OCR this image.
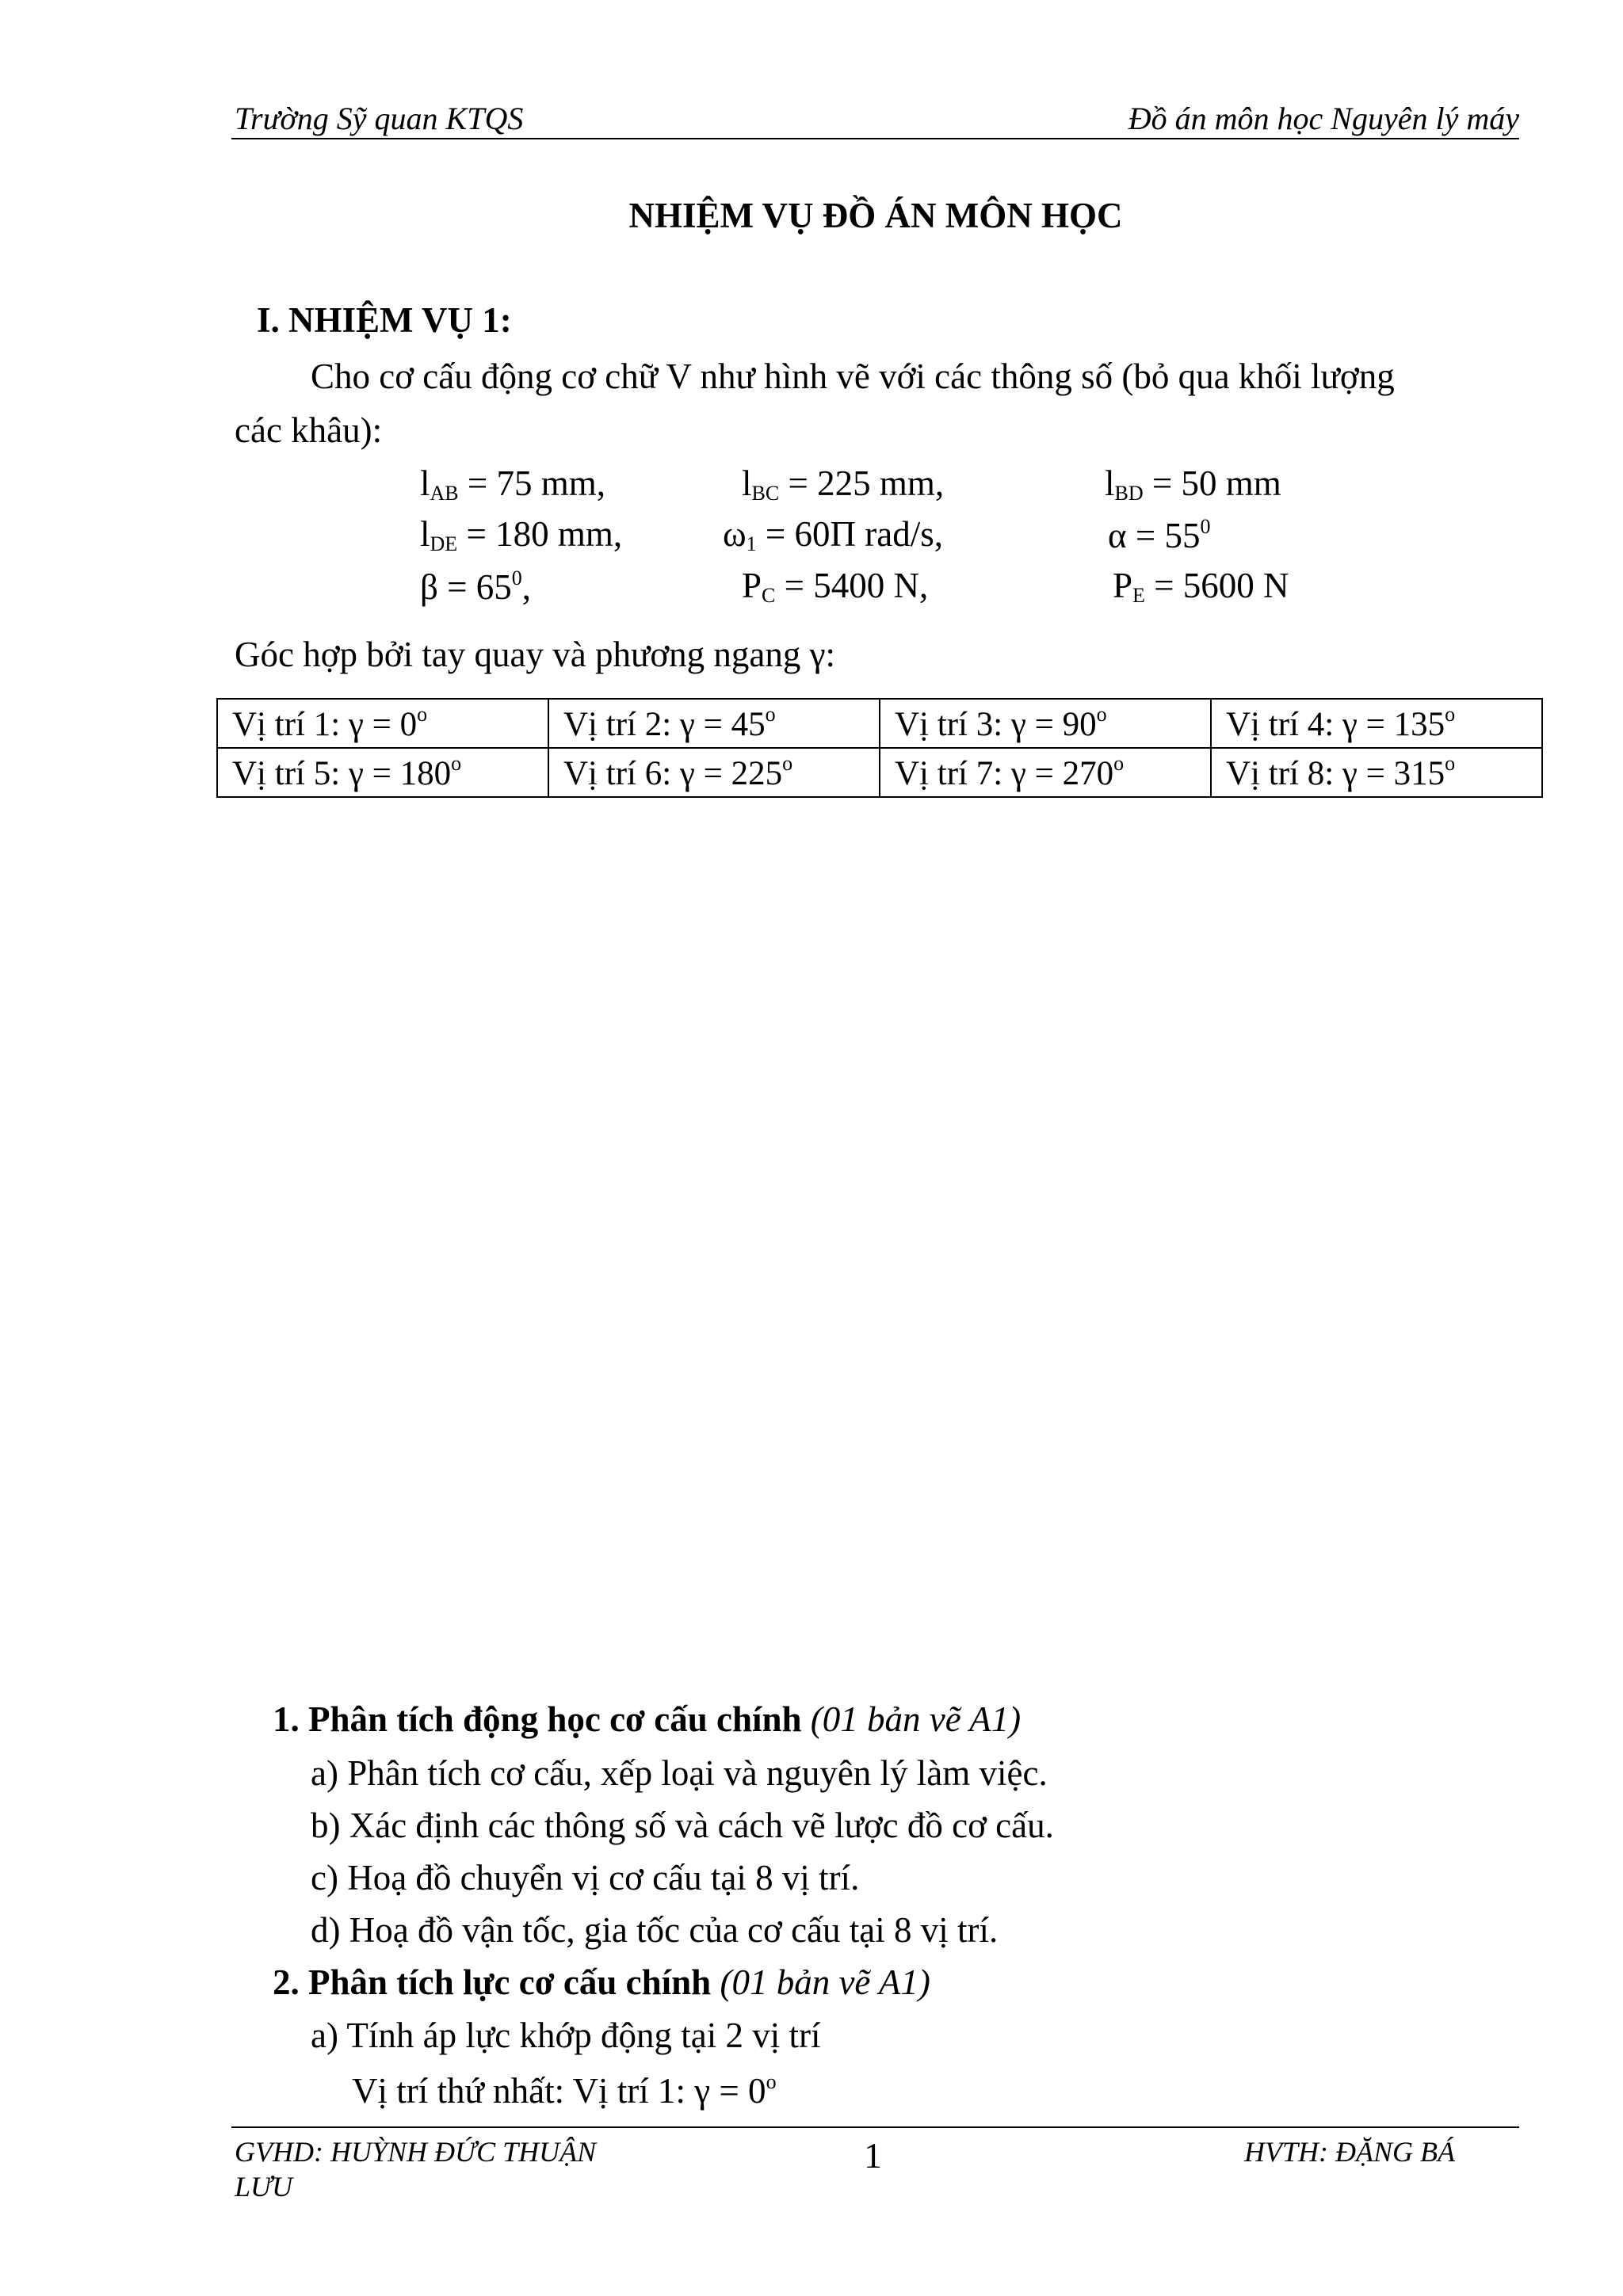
Trường Sỹ quan KTQS	Đồ án môn học Nguyên lý máy
NHIỆM VỤ ĐỒ ÁN MÔN HỌC
I. NHIỆM VỤ 1:
Cho cơ cấu động cơ chữ V như hình vẽ với các thông số (bỏ qua khối lượng
các khâu):
$l_{AB} = 75$ mm,	$l_{BC} = 225$ mm,	$l_{BD} = 50$ mm
$l_{DE} = 180$ mm,	$\omega_1 = 60\Pi$ rad/s,	$\alpha = 55^0$
$\beta = 65^0$,	$P_C = 5400$ N,	$P_E = 5600$ N
Góc hợp bởi tay quay và phương ngang γ:
Vị trí 1: $\gamma = 0^o$	Vị trí 2: $\gamma = 45^o$	Vị trí 3: $\gamma = 90^o$	Vị trí 4: $\gamma = 135^o$
Vị trí 5: $\gamma = 180^o$	Vị trí 6: $\gamma = 225^o$	Vị trí 7: $\gamma = 270^o$	Vị trí 8: $\gamma = 315^o$
1. Phân tích động học cơ cấu chính (01 bản vẽ A1)
a) Phân tích cơ cấu, xếp loại và nguyên lý làm việc.
b) Xác định các thông số và cách vẽ lược đồ cơ cấu.
c) Hoạ đồ chuyển vị cơ cấu tại 8 vị trí.
d) Hoạ đồ vận tốc, gia tốc của cơ cấu tại 8 vị trí.
2. Phân tích lực cơ cấu chính (01 bản vẽ A1)
a) Tính áp lực khớp động tại 2 vị trí
Vị trí thứ nhất: Vị trí 1: $\gamma = 0^o$
GVHD: HUỲNH ĐỨC THUẬN
LƯU
1	HVTH: ĐẶNG BÁ
